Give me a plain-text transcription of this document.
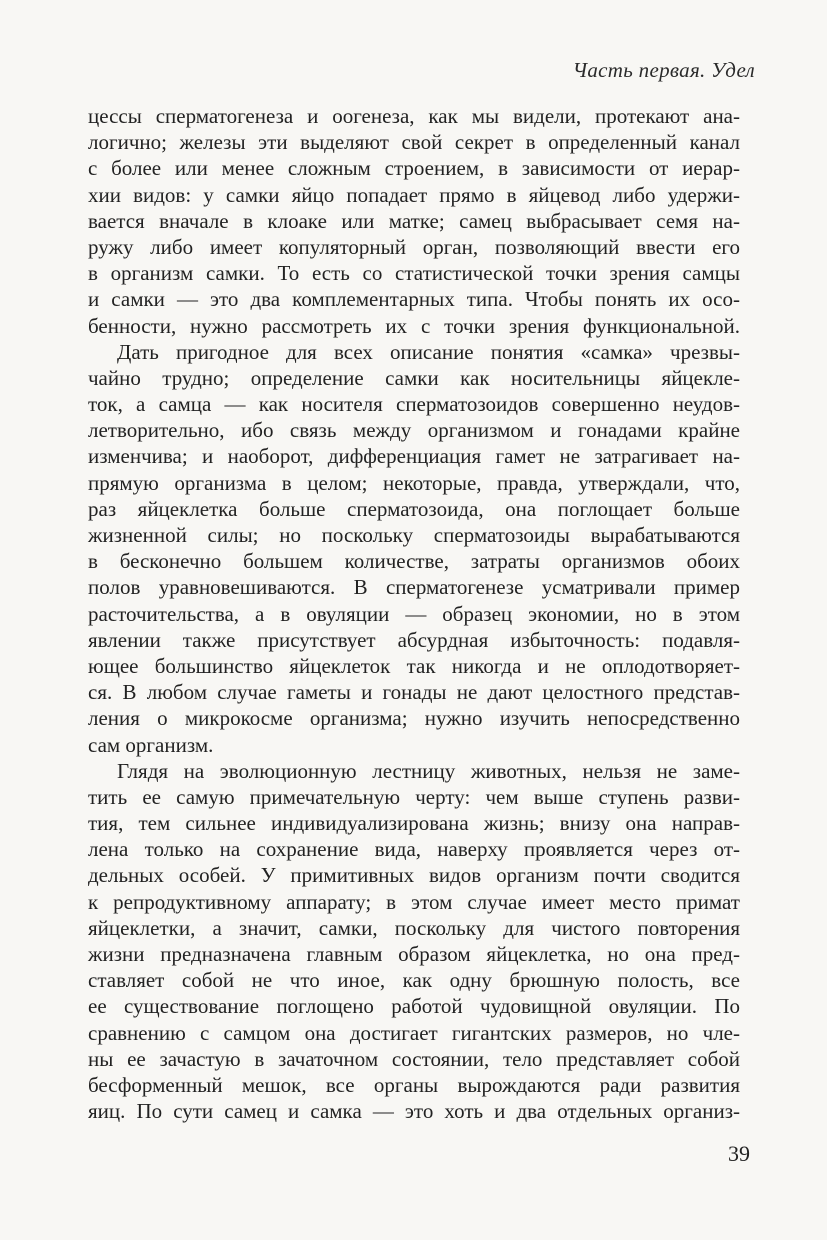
Часть первая. Удел
цессы сперматогенеза и оогенеза, как мы видели, протекают ана-
логично; железы эти выделяют свой секрет в определенный канал
с более или менее сложным строением, в зависимости от иерар-
хии видов: у самки яйцо попадает прямо в яйцевод либо удержи-
вается вначале в клоаке или матке; самец выбрасывает семя на-
ружу либо имеет копуляторный орган, позволяющий ввести его
в организм самки. То есть со статистической точки зрения самцы
и самки — это два комплементарных типа. Чтобы понять их осо-
бенности, нужно рассмотреть их с точки зрения функциональной.
Дать пригодное для всех описание понятия «самка» чрезвы-
чайно трудно; определение самки как носительницы яйцекле-
ток, а самца — как носителя сперматозоидов совершенно неудов-
летворительно, ибо связь между организмом и гонадами крайне
изменчива; и наоборот, дифференциация гамет не затрагивает на-
прямую организма в целом; некоторые, правда, утверждали, что,
раз яйцеклетка больше сперматозоида, она поглощает больше
жизненной силы; но поскольку сперматозоиды вырабатываются
в бесконечно большем количестве, затраты организмов обоих
полов уравновешиваются. В сперматогенезе усматривали пример
расточительства, а в овуляции — образец экономии, но в этом
явлении также присутствует абсурдная избыточность: подавля-
ющее большинство яйцеклеток так никогда и не оплодотворяет-
ся. В любом случае гаметы и гонады не дают целостного представ-
ления о микрокосме организма; нужно изучить непосредственно
сам организм.
Глядя на эволюционную лестницу животных, нельзя не заме-
тить ее самую примечательную черту: чем выше ступень разви-
тия, тем сильнее индивидуализирована жизнь; внизу она направ-
лена только на сохранение вида, наверху проявляется через от-
дельных особей. У примитивных видов организм почти сводится
к репродуктивному аппарату; в этом случае имеет место примат
яйцеклетки, а значит, самки, поскольку для чистого повторения
жизни предназначена главным образом яйцеклетка, но она пред-
ставляет собой не что иное, как одну брюшную полость, все
ее существование поглощено работой чудовищной овуляции. По
сравнению с самцом она достигает гигантских размеров, но чле-
ны ее зачастую в зачаточном состоянии, тело представляет собой
бесформенный мешок, все органы вырождаются ради развития
яиц. По сути самец и самка — это хоть и два отдельных организ-
39
